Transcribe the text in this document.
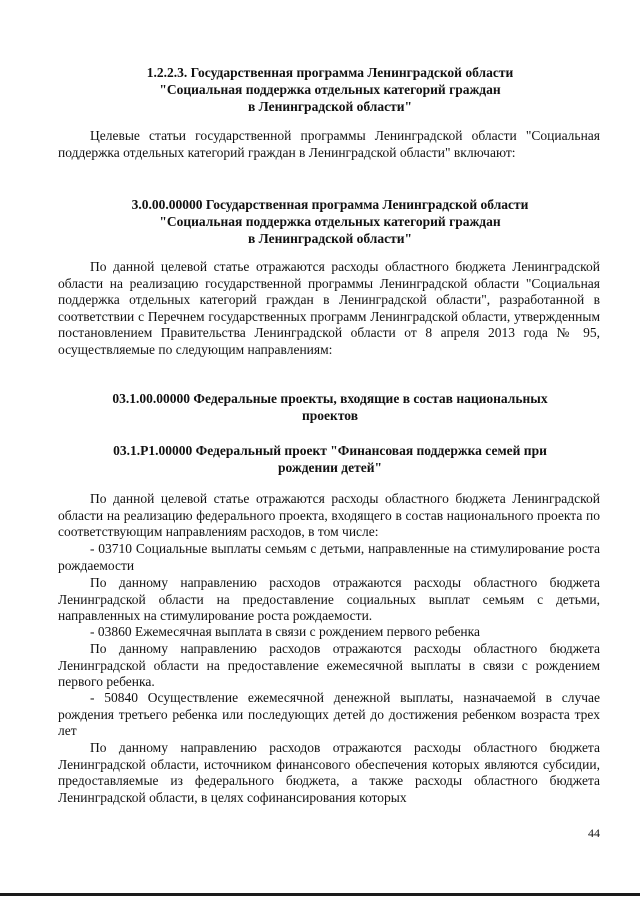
1.2.2.3. Государственная программа Ленинградской области
"Социальная поддержка отдельных категорий граждан
в Ленинградской области"

Целевые статьи государственной программы Ленинградской области "Социальная поддержка отдельных категорий граждан в Ленинградской области" включают:

3.0.00.00000 Государственная программа Ленинградской области
"Социальная поддержка отдельных категорий граждан
в Ленинградской области"

По данной целевой статье отражаются расходы областного бюджета Ленинградской области на реализацию государственной программы Ленинградской области "Социальная поддержка отдельных категорий граждан в Ленинградской области", разработанной в соответствии с Перечнем государственных программ Ленинградской области, утвержденным постановлением Правительства Ленинградской области от 8 апреля 2013 года № 95, осуществляемые по следующим направлениям:

03.1.00.00000 Федеральные проекты, входящие в состав национальных
проектов
03.1.P1.00000 Федеральный проект "Финансовая поддержка семей при
рождении детей"

По данной целевой статье отражаются расходы областного бюджета Ленинградской области на реализацию федерального проекта, входящего в состав национального проекта по соответствующим направлениям расходов, в том числе:

- 03710 Социальные выплаты семьям с детьми, направленные на стимулирование роста рождаемости

По данному направлению расходов отражаются расходы областного бюджета Ленинградской области на предоставление социальных выплат семьям с детьми, направленных на стимулирование роста рождаемости.

- 03860 Ежемесячная выплата в связи с рождением первого ребенка

По данному направлению расходов отражаются расходы областного бюджета Ленинградской области на предоставление ежемесячной выплаты в связи с рождением первого ребенка.

- 50840 Осуществление ежемесячной денежной выплаты, назначаемой в случае рождения третьего ребенка или последующих детей до достижения ребенком возраста трех лет

По данному направлению расходов отражаются расходы областного бюджета Ленинградской области, источником финансового обеспечения которых являются субсидии, предоставляемые из федерального бюджета, а также расходы областного бюджета Ленинградской области, в целях софинансирования которых

44
